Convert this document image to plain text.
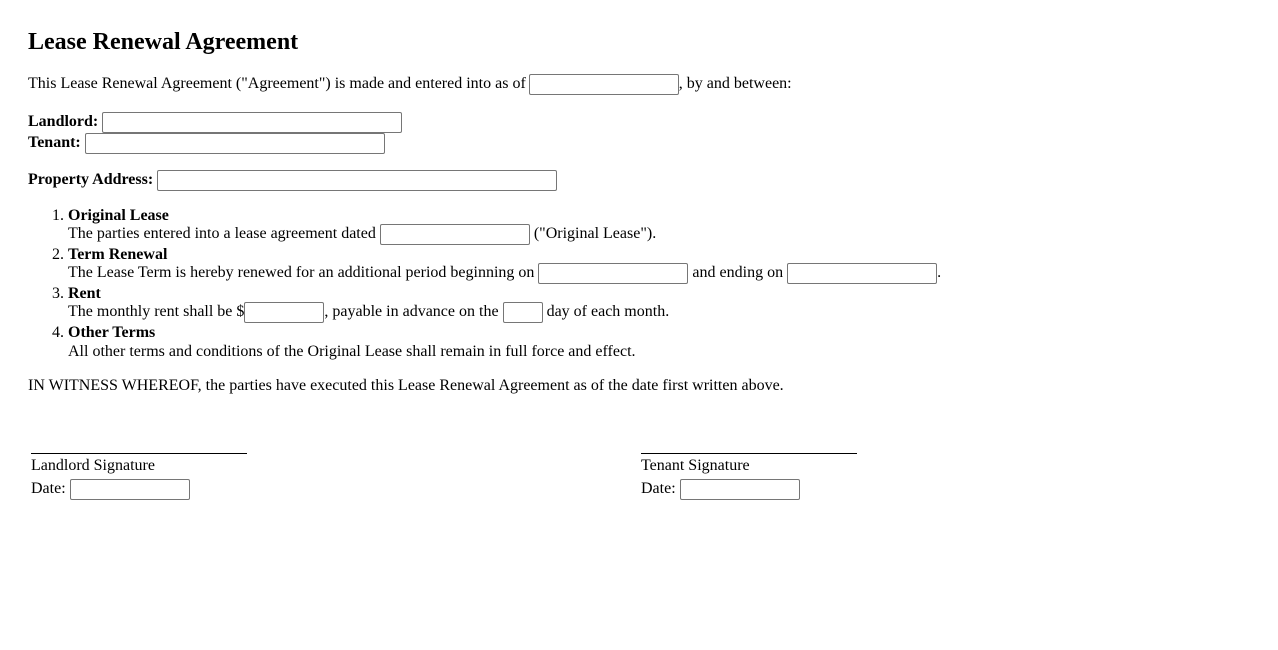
Lease Renewal Agreement

This Lease Renewal Agreement ("Agreement") is made and entered into as of	, by and between:

Landlord:
Tenant:
Property Address:
1. Original Lease
The parties entered into a lease agreement dated	("Original Lease").
2. Term Renewal
The Lease Term is hereby renewed for an additional period beginning on	and ending on	.
3. Rent
The monthly rent shall be $	, payable in advance on the	day of each month.
4. Other Terms
All other terms and conditions of the Original Lease shall remain in full force and effect.

IN WITNESS WHEREOF, the parties have executed this Lease Renewal Agreement as of the date first written above.

Landlord Signature
Date:
Tenant Signature
Date:
